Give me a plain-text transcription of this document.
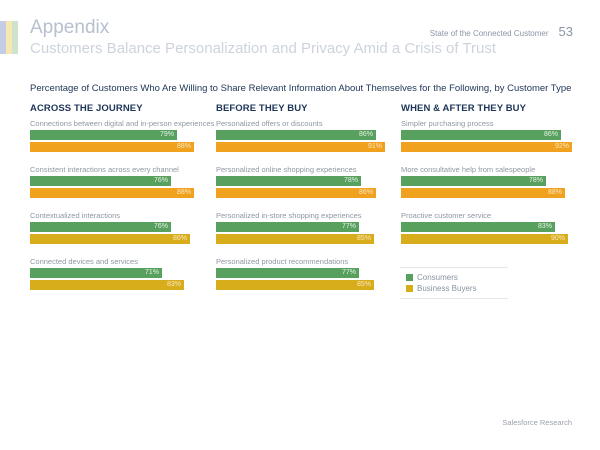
Appendix
Customers Balance Personalization and Privacy Amid a Crisis of Trust
State of the Connected Customer 53
Percentage of Customers Who Are Willing to Share Relevant Information About Themselves for the Following, by Customer Type
ACROSS THE JOURNEY
Connections between digital and in-person experiences
79%
88%
Consistent interactions across every channel
76%
88%
Contextualized interactions
76%
86%
Connected devices and services
71%
83%
BEFORE THEY BUY
Personalized offers or discounts
86%
91%
Personalized online shopping experiences
78%
86%
Personalized in-store shopping experiences
77%
85%
Personalized product recommendations
77%
85%
WHEN & AFTER THEY BUY
Simpler purchasing process
86%
92%
More consultative help from salespeople
78%
88%
Proactive customer service
83%
90%
Consumers
Business Buyers
Salesforce Research
